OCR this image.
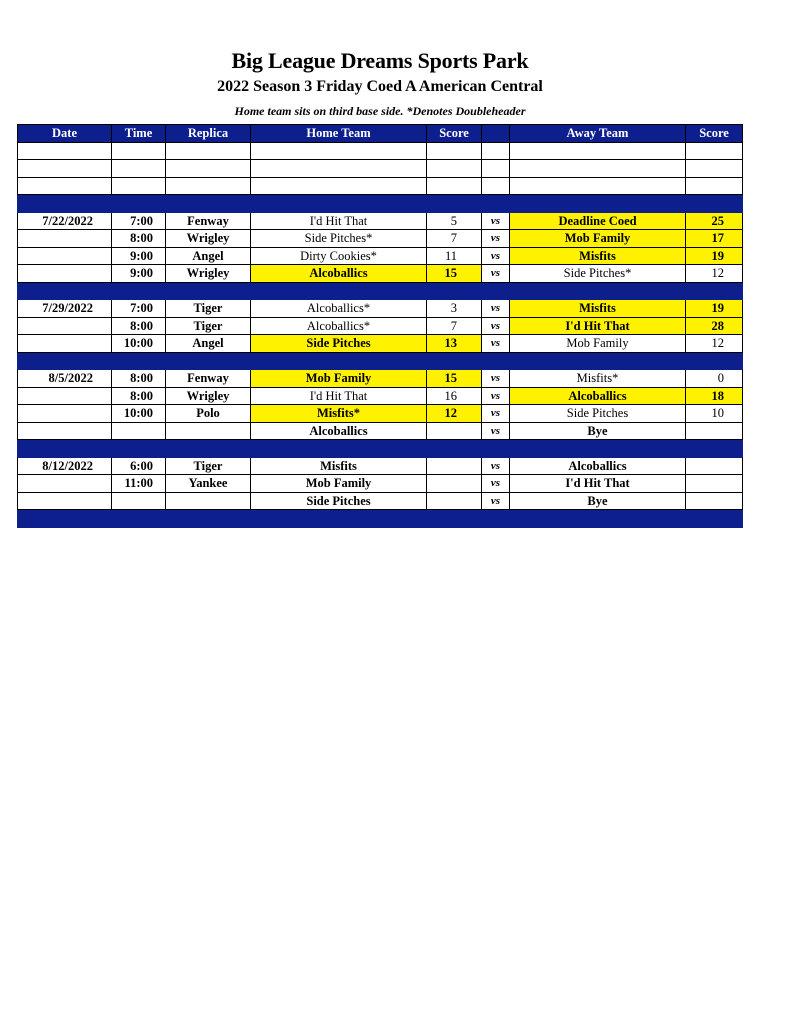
Big League Dreams Sports Park
2022 Season 3 Friday Coed A American Central
Home team sits on third base side. *Denotes Doubleheader
Date	Time	Replica	Home Team	Score		Away Team	Score

7/22/2022	7:00	Fenway	I'd Hit That	5	vs	Deadline Coed	25
	8:00	Wrigley	Side Pitches*	7	vs	Mob Family	17
	9:00	Angel	Dirty Cookies*	11	vs	Misfits	19
	9:00	Wrigley	Alcoballics	15	vs	Side Pitches*	12

7/29/2022	7:00	Tiger	Alcoballics*	3	vs	Misfits	19
	8:00	Tiger	Alcoballics*	7	vs	I'd Hit That	28
	10:00	Angel	Side Pitches	13	vs	Mob Family	12

8/5/2022	8:00	Fenway	Mob Family	15	vs	Misfits*	0
	8:00	Wrigley	I'd Hit That	16	vs	Alcoballics	18
	10:00	Polo	Misfits*	12	vs	Side Pitches	10
			Alcoballics		vs	Bye	

8/12/2022	6:00	Tiger	Misfits		vs	Alcoballics	
	11:00	Yankee	Mob Family		vs	I'd Hit That	
			Side Pitches		vs	Bye	
